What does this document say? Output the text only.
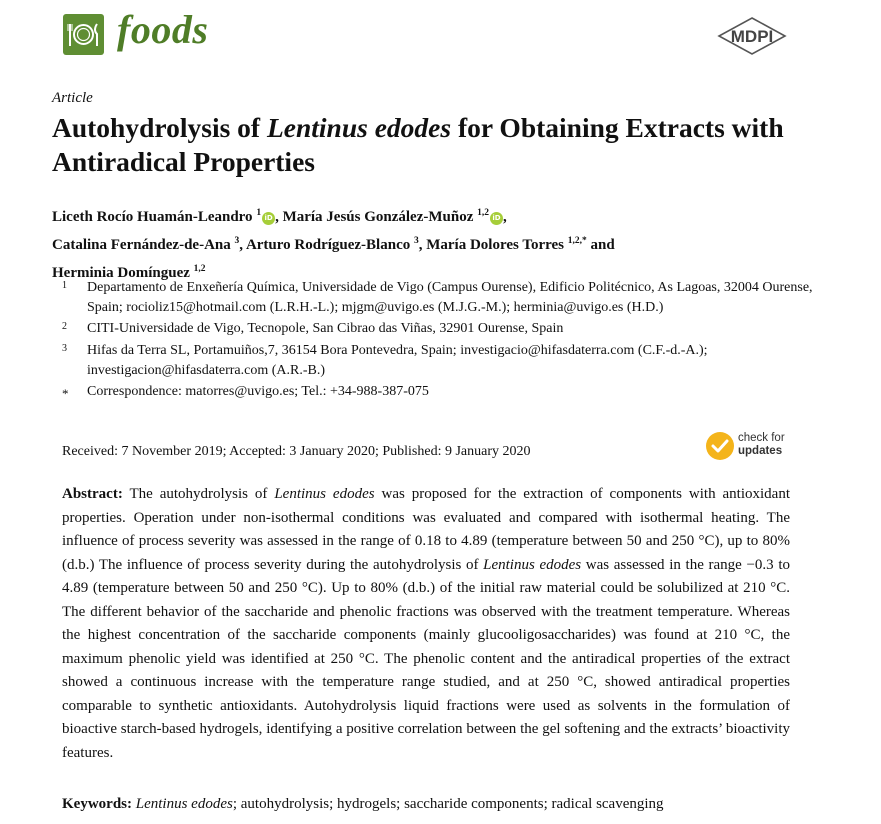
foods	MDPI
Article
Autohydrolysis of Lentinus edodes for Obtaining Extracts with Antiradical Properties
Liceth Rocío Huamán-Leandro $^1$ iD , María Jesús González-Muñoz $^{1,2}$ iD ,
Catalina Fernández-de-Ana $^3$, Arturo Rodríguez-Blanco $^3$, María Dolores Torres $^{1,2,*}$ and
Herminia Domínguez $^{1,2}$
1 Departamento de Enxeñería Química, Universidade de Vigo (Campus Ourense), Edificio Politécnico, As Lagoas, 32004 Ourense, Spain; rocioliz15@hotmail.com (L.R.H.-L.); mjgm@uvigo.es (M.J.G.-M.); herminia@uvigo.es (H.D.)
2 CITI-Universidade de Vigo, Tecnopole, San Cibrao das Viñas, 32901 Ourense, Spain
3 Hifas da Terra SL, Portamuiños,7, 36154 Bora Pontevedra, Spain; investigacio@hifasdaterra.com (C.F.-d.-A.); investigacion@hifasdaterra.com (A.R.-B.)
* Correspondence: matorres@uvigo.es; Tel.: +34-988-387-075
Received: 7 November 2019; Accepted: 3 January 2020; Published: 9 January 2020
check for
updates

Abstract: The autohydrolysis of Lentinus edodes was proposed for the extraction of components with antioxidant properties. Operation under non-isothermal conditions was evaluated and compared with isothermal heating. The influence of process severity was assessed in the range of 0.18 to 4.89 (temperature between 50 and 250 °C), up to 80% (d.b.) The influence of process severity during the autohydrolysis of Lentinus edodes was assessed in the range −0.3 to 4.89 (temperature between 50 and 250 °C). Up to 80% (d.b.) of the initial raw material could be solubilized at 210 °C. The different behavior of the saccharide and phenolic fractions was observed with the treatment temperature. Whereas the highest concentration of the saccharide components (mainly glucooligosaccharides) was found at 210 °C, the maximum phenolic yield was identified at 250 °C. The phenolic content and the antiradical properties of the extract showed a continuous increase with the temperature range studied, and at 250 °C, showed antiradical properties comparable to synthetic antioxidants. Autohydrolysis liquid fractions were used as solvents in the formulation of bioactive starch-based hydrogels, identifying a positive correlation between the gel softening and the extracts’ bioactivity features.

Keywords: Lentinus edodes; autohydrolysis; hydrogels; saccharide components; radical scavenging
